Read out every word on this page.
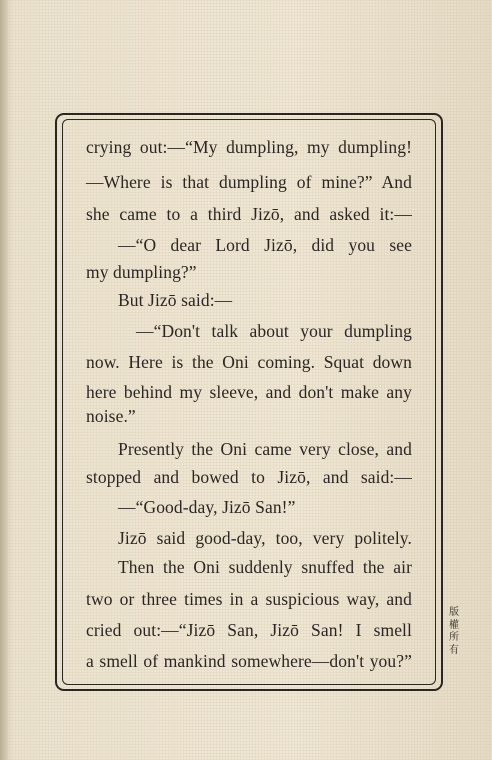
crying out:—“My dumpling, my dumpling!
—Where is that dumpling of mine?” And
she came to a third Jizō, and asked it:—
—“O dear Lord Jizō, did you see
my dumpling?”
But Jizō said:—
—“Don't talk about your dumpling
now. Here is the Oni coming. Squat down
here behind my sleeve, and don't make any
noise.”
Presently the Oni came very close, and
stopped and bowed to Jizō, and said:—
—“Good-day, Jizō San!”
Jizō said good-day, too, very politely.
Then the Oni suddenly snuffed the air
two or three times in a suspicious way, and
cried out:—“Jizō San, Jizō San! I smell
a smell of mankind somewhere—don't you?”
版權所有
